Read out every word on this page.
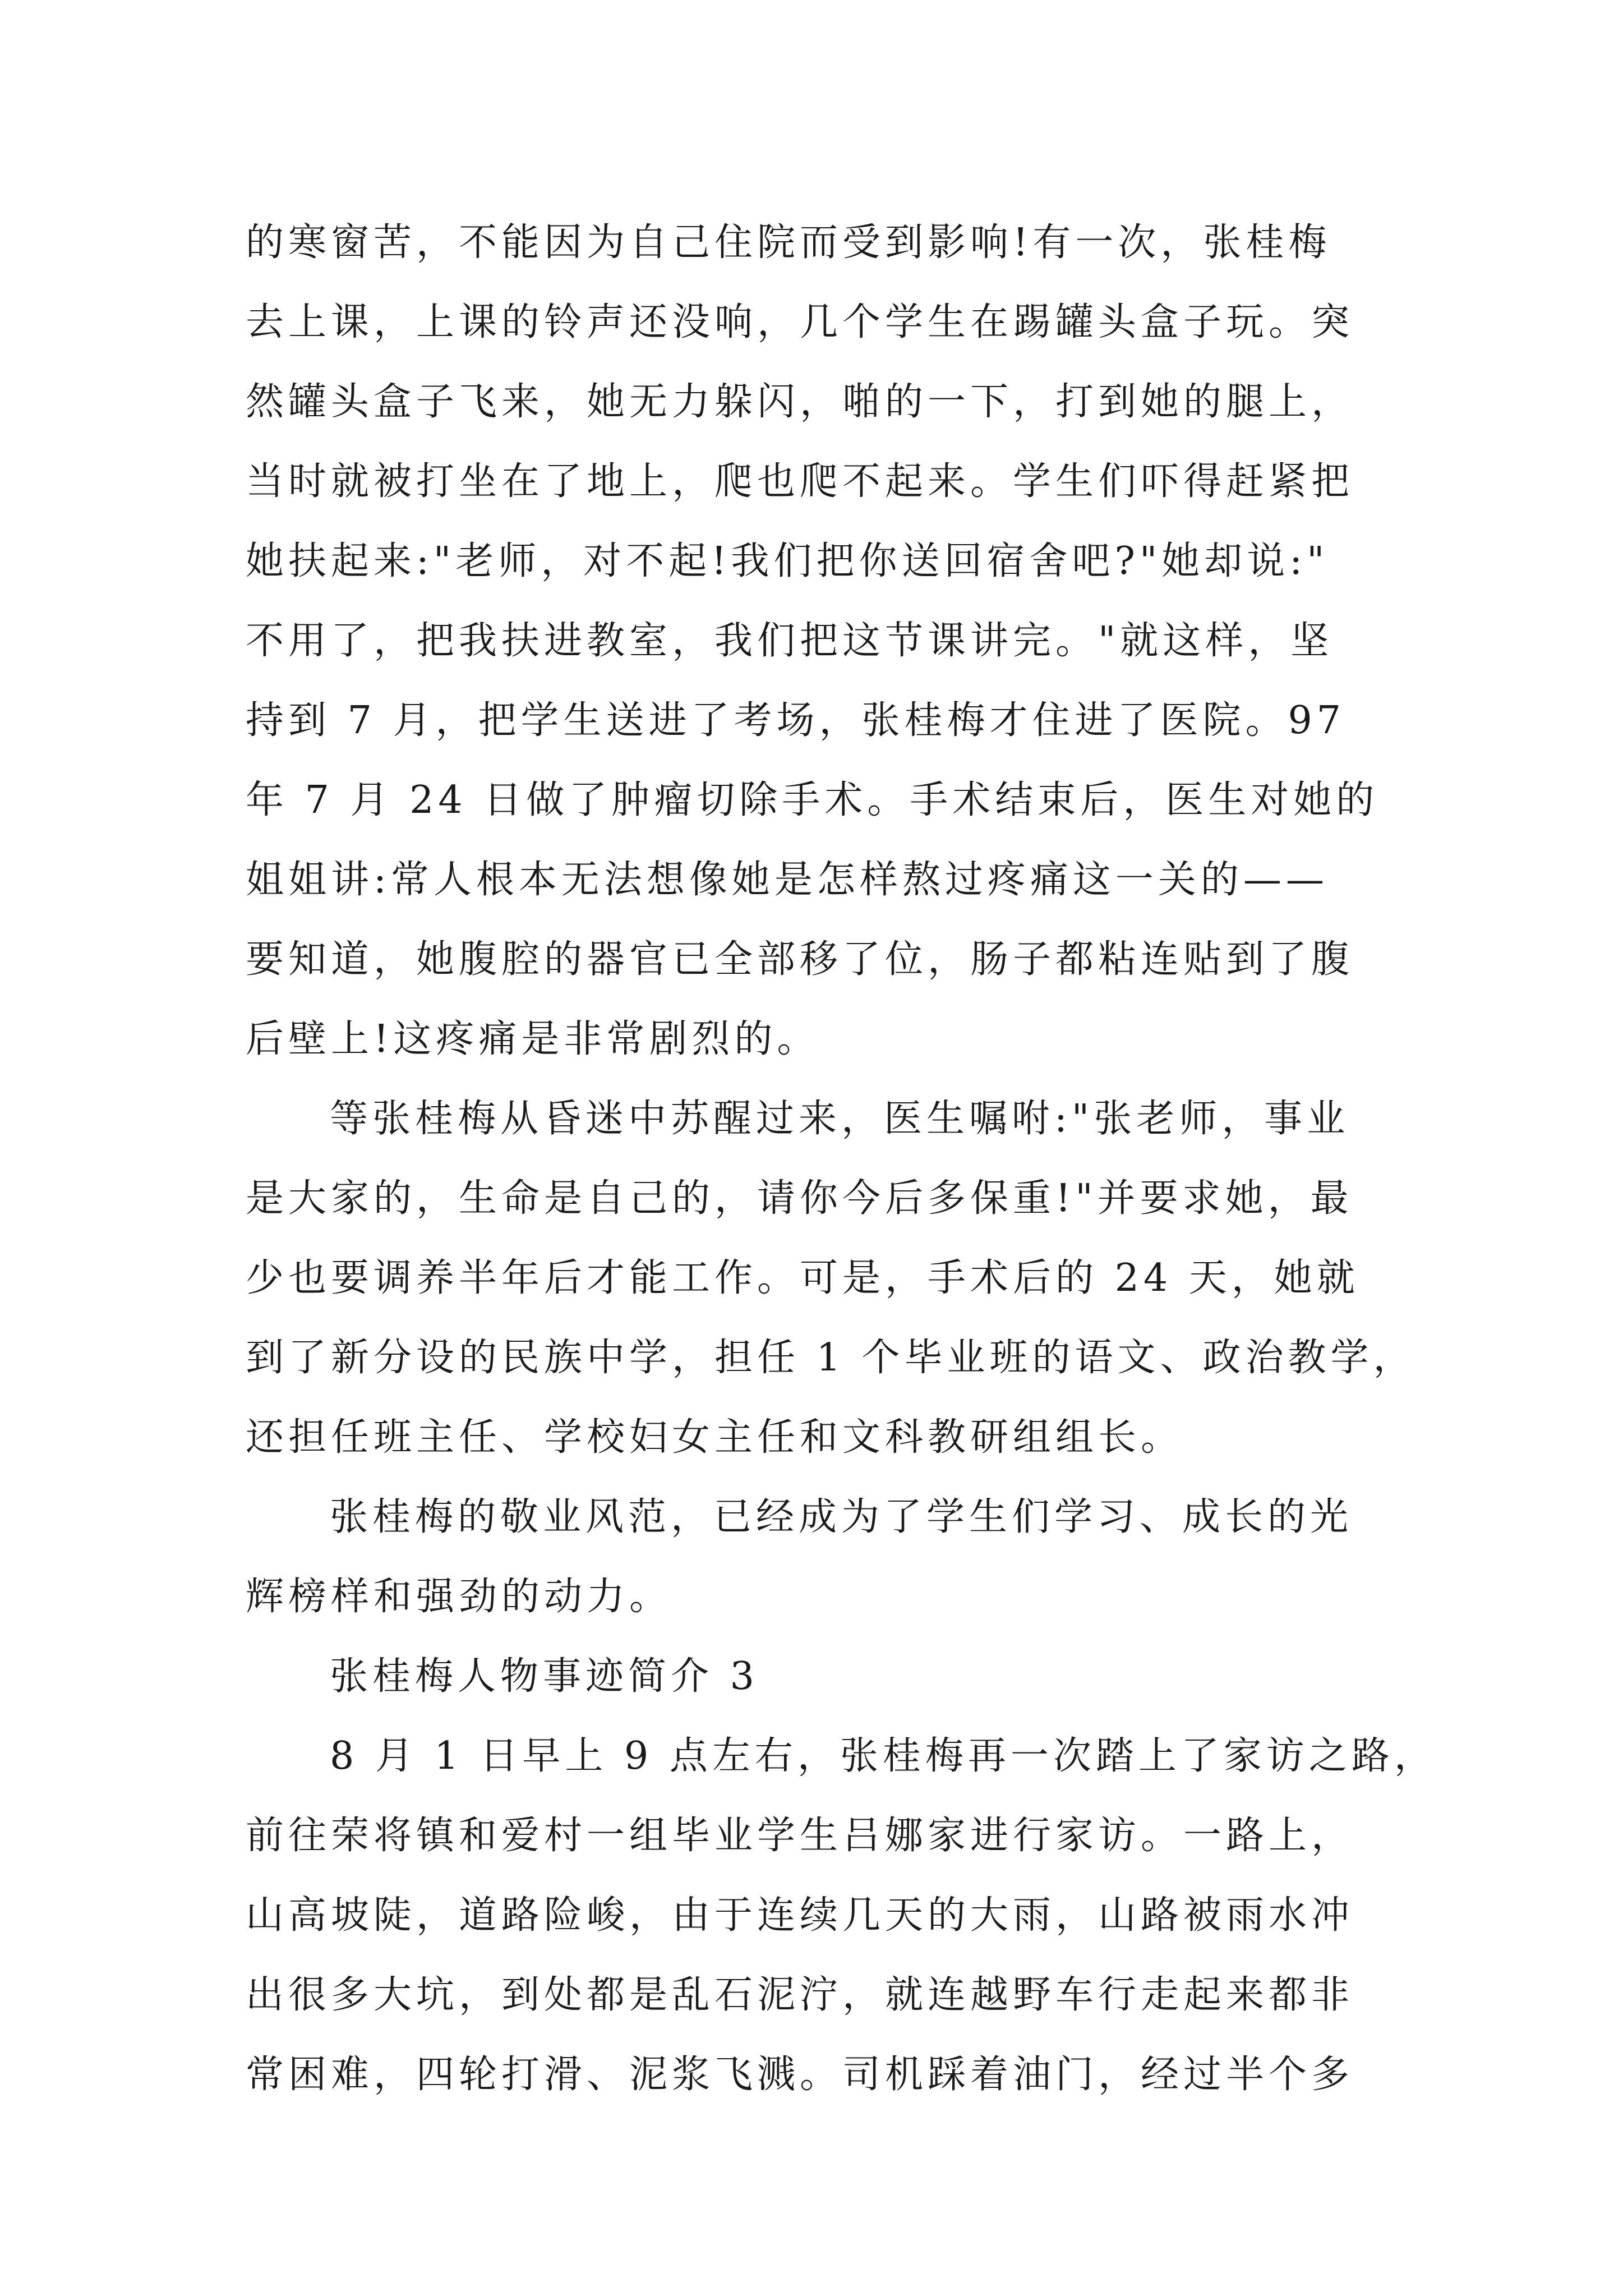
的寒窗苦，不能因为自己住院而受到影响!有一次，张桂梅
去上课，上课的铃声还没响，几个学生在踢罐头盒子玩。突
然罐头盒子飞来，她无力躲闪，啪的一下，打到她的腿上，
当时就被打坐在了地上，爬也爬不起来。学生们吓得赶紧把
她扶起来:"老师，对不起!我们把你送回宿舍吧?"她却说:"
不用了，把我扶进教室，我们把这节课讲完。"就这样，坚
持到 7 月，把学生送进了考场，张桂梅才住进了医院。97
年 7 月 24 日做了肿瘤切除手术。手术结束后，医生对她的
姐姐讲:常人根本无法想像她是怎样熬过疼痛这一关的——
要知道，她腹腔的器官已全部移了位，肠子都粘连贴到了腹
后壁上!这疼痛是非常剧烈的。
等张桂梅从昏迷中苏醒过来，医生嘱咐:"张老师，事业
是大家的，生命是自己的，请你今后多保重!"并要求她，最
少也要调养半年后才能工作。可是，手术后的 24 天，她就
到了新分设的民族中学，担任 1 个毕业班的语文、政治教学，
还担任班主任、学校妇女主任和文科教研组组长。
张桂梅的敬业风范，已经成为了学生们学习、成长的光
辉榜样和强劲的动力。
张桂梅人物事迹简介 3
8 月 1 日早上 9 点左右，张桂梅再一次踏上了家访之路，
前往荣将镇和爱村一组毕业学生吕娜家进行家访。一路上，
山高坡陡，道路险峻，由于连续几天的大雨，山路被雨水冲
出很多大坑，到处都是乱石泥泞，就连越野车行走起来都非
常困难，四轮打滑、泥浆飞溅。司机踩着油门，经过半个多
